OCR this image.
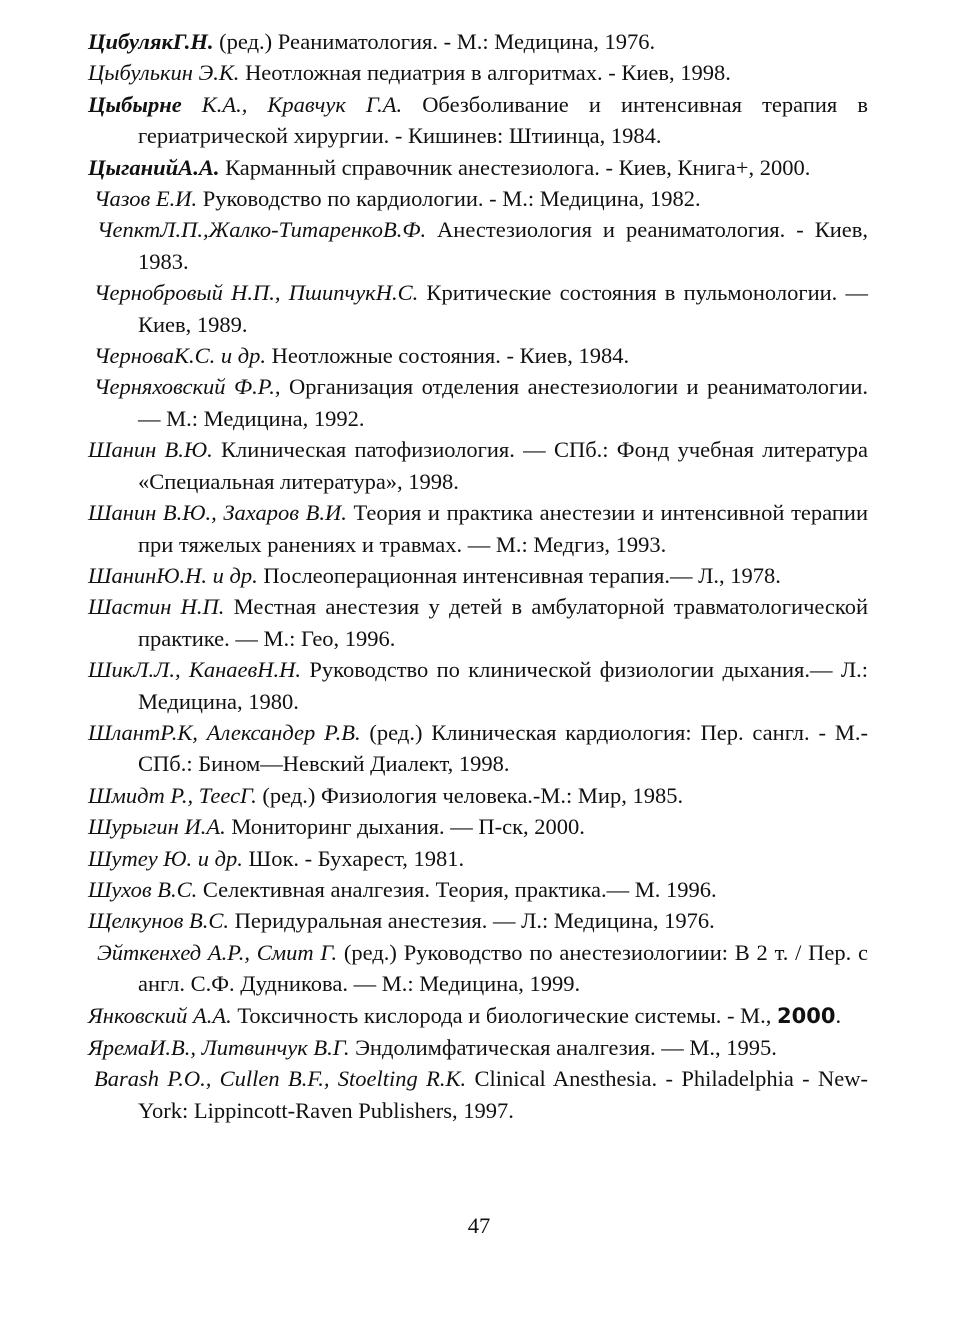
ЦибулякГ.Н. (ред.) Реаниматология. - М.: Медицина, 1976.

Цыбулькин Э.К. Неотложная педиатрия в алгоритмах. - Киев, 1998.

Цыбырне К.А., Кравчук Г.А. Обезболивание и интенсивная терапия в гериатрической хирургии. - Кишинев: Штиинца, 1984.

ЦыганийА.А. Карманный справочник анестезиолога. - Киев, Книга+, 2000.

Чазов Е.И. Руководство по кардиологии. - М.: Медицина, 1982.

ЧепктЛ.П.,Жалко-ТитаренкоВ.Ф. Анестезиология и реаниматология. - Киев, 1983.

Чернобровый Н.П., ПшипчукН.С. Критические состояния в пульмонологии. — Киев, 1989.

ЧерноваК.С. и др. Неотложные состояния. - Киев, 1984.

Черняховский Ф.Р., Организация отделения анестезиологии и реаниматологии. — М.: Медицина, 1992.

Шанин В.Ю. Клиническая патофизиология. — СПб.: Фонд учебная литература «Специальная литература», 1998.

Шанин В.Ю., Захаров В.И. Теория и практика анестезии и интенсивной терапии при тяжелых ранениях и травмах. — М.: Медгиз, 1993.

ШанинЮ.Н. и др. Послеоперационная интенсивная терапия.— Л., 1978.

Шастин Н.П. Местная анестезия у детей в амбулаторной травматологической практике. — М.: Гео, 1996.

ШикЛ.Л., КанаевН.Н. Руководство по клинической физиологии дыхания.— Л.: Медицина, 1980.

ШлантР.К, Александер Р.В. (ред.) Клиническая кардиология: Пер. сангл. - М.-СПб.: Бином—Невский Диалект, 1998.

Шмидт Р., ТеесГ. (ред.) Физиология человека.-М.: Мир, 1985.

Шурыгин И.А. Мониторинг дыхания. — П-ск, 2000.

Шутеу Ю. и др. Шок. - Бухарест, 1981.

Шухов В.С. Селективная аналгезия. Теория, практика.— М. 1996.

Щелкунов В.С. Перидуральная анестезия. — Л.: Медицина, 1976.

Эйткенхед А.Р., Смит Г. (ред.) Руководство по анестезиологиии: В 2 т. / Пер. с англ. С.Ф. Дудникова. — М.: Медицина, 1999.

Янковский А.А. Токсичность кислорода и биологические системы. - М., 2000.

ЯремаИ.В., Литвинчук В.Г. Эндолимфатическая аналгезия. — М., 1995.

Barash P.O., Cullen B.F., Stoelting R.K. Clinical Anesthesia. - Philadelphia - New-York: Lippincott-Raven Publishers, 1997.

47
